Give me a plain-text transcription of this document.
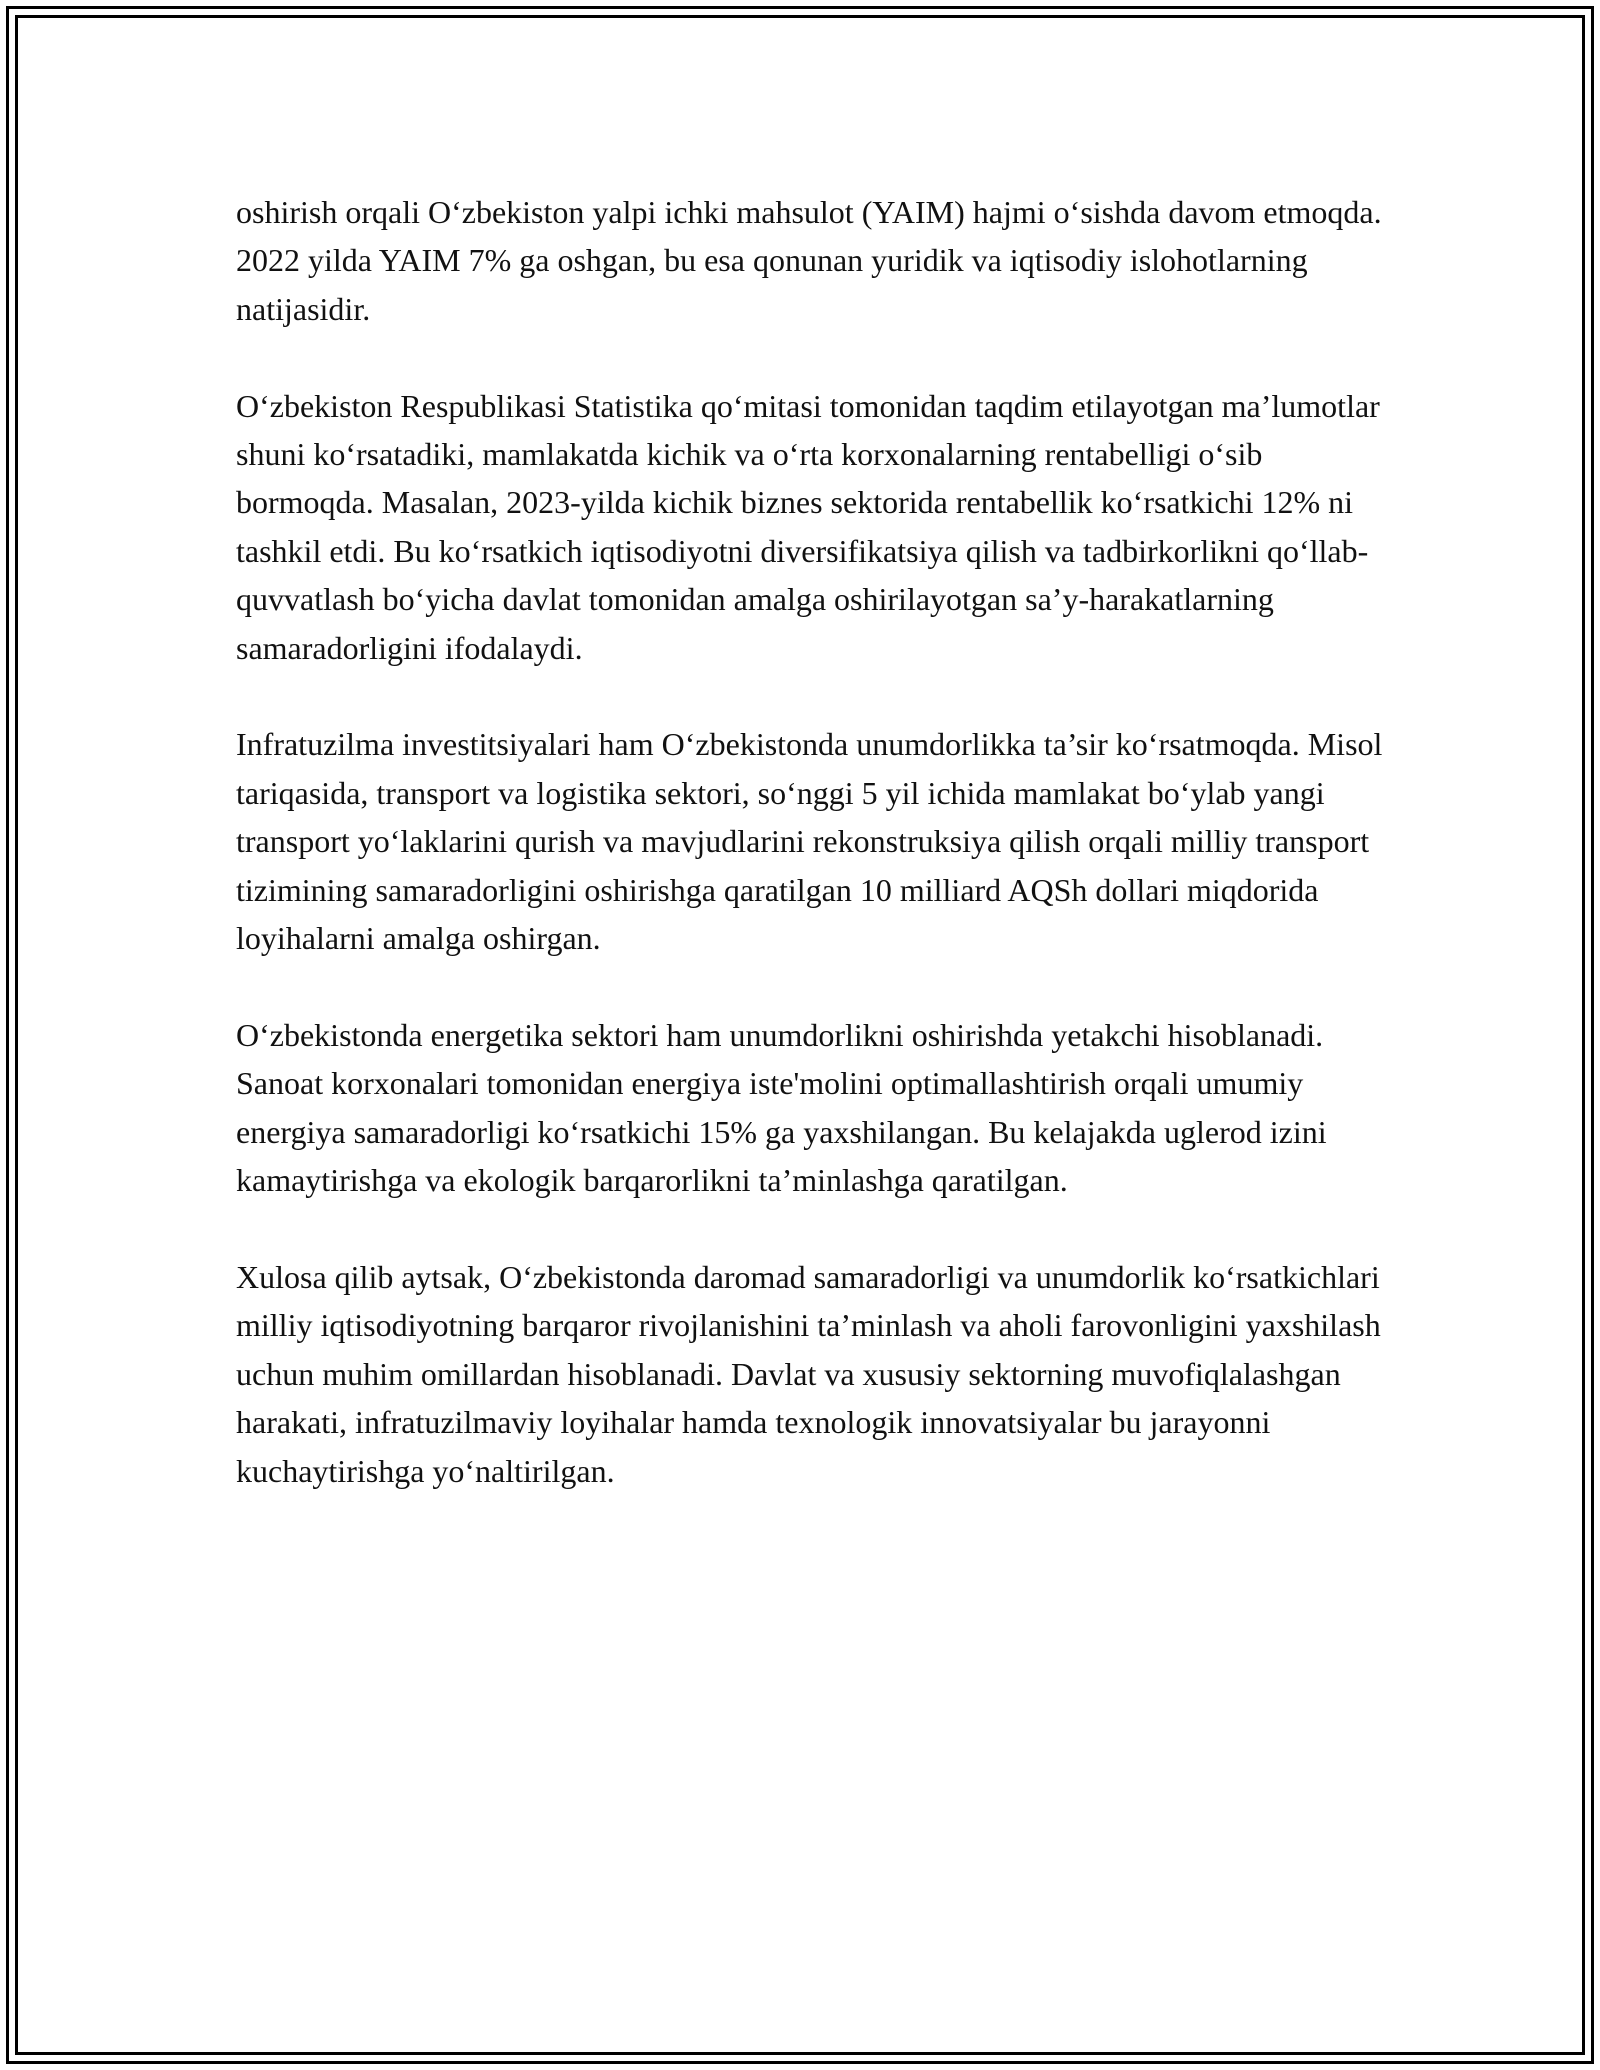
oshirish orqali O‘zbekiston yalpi ichki mahsulot (YAIM) hajmi o‘sishda davom etmoqda. 2022 yilda YAIM 7% ga oshgan, bu esa qonunan yuridik va iqtisodiy islohotlarning natijasidir.

O‘zbekiston Respublikasi Statistika qo‘mitasi tomonidan taqdim etilayotgan ma’lumotlar shuni ko‘rsatadiki, mamlakatda kichik va o‘rta korxonalarning rentabelligi o‘sib bormoqda. Masalan, 2023-yilda kichik biznes sektorida rentabellik ko‘rsatkichi 12% ni tashkil etdi. Bu ko‘rsatkich iqtisodiyotni diversifikatsiya qilish va tadbirkorlikni qo‘llab-quvvatlash bo‘yicha davlat tomonidan amalga oshirilayotgan sa’y-harakatlarning samaradorligini ifodalaydi.

Infratuzilma investitsiyalari ham O‘zbekistonda unumdorlikka ta’sir ko‘rsatmoqda. Misol tariqasida, transport va logistika sektori, so‘nggi 5 yil ichida mamlakat bo‘ylab yangi transport yo‘laklarini qurish va mavjudlarini rekonstruksiya qilish orqali milliy transport tizimining samaradorligini oshirishga qaratilgan 10 milliard AQSh dollari miqdorida loyihalarni amalga oshirgan.

O‘zbekistonda energetika sektori ham unumdorlikni oshirishda yetakchi hisoblanadi. Sanoat korxonalari tomonidan energiya iste'molini optimallashtirish orqali umumiy energiya samaradorligi ko‘rsatkichi 15% ga yaxshilangan. Bu kelajakda uglerod izini kamaytirishga va ekologik barqarorlikni ta’minlashga qaratilgan.

Xulosa qilib aytsak, O‘zbekistonda daromad samaradorligi va unumdorlik ko‘rsatkichlari milliy iqtisodiyotning barqaror rivojlanishini ta’minlash va aholi farovonligini yaxshilash uchun muhim omillardan hisoblanadi. Davlat va xususiy sektorning muvofiqlalashgan harakati, infratuzilmaviy loyihalar hamda texnologik innovatsiyalar bu jarayonni kuchaytirishga yo‘naltirilgan.
